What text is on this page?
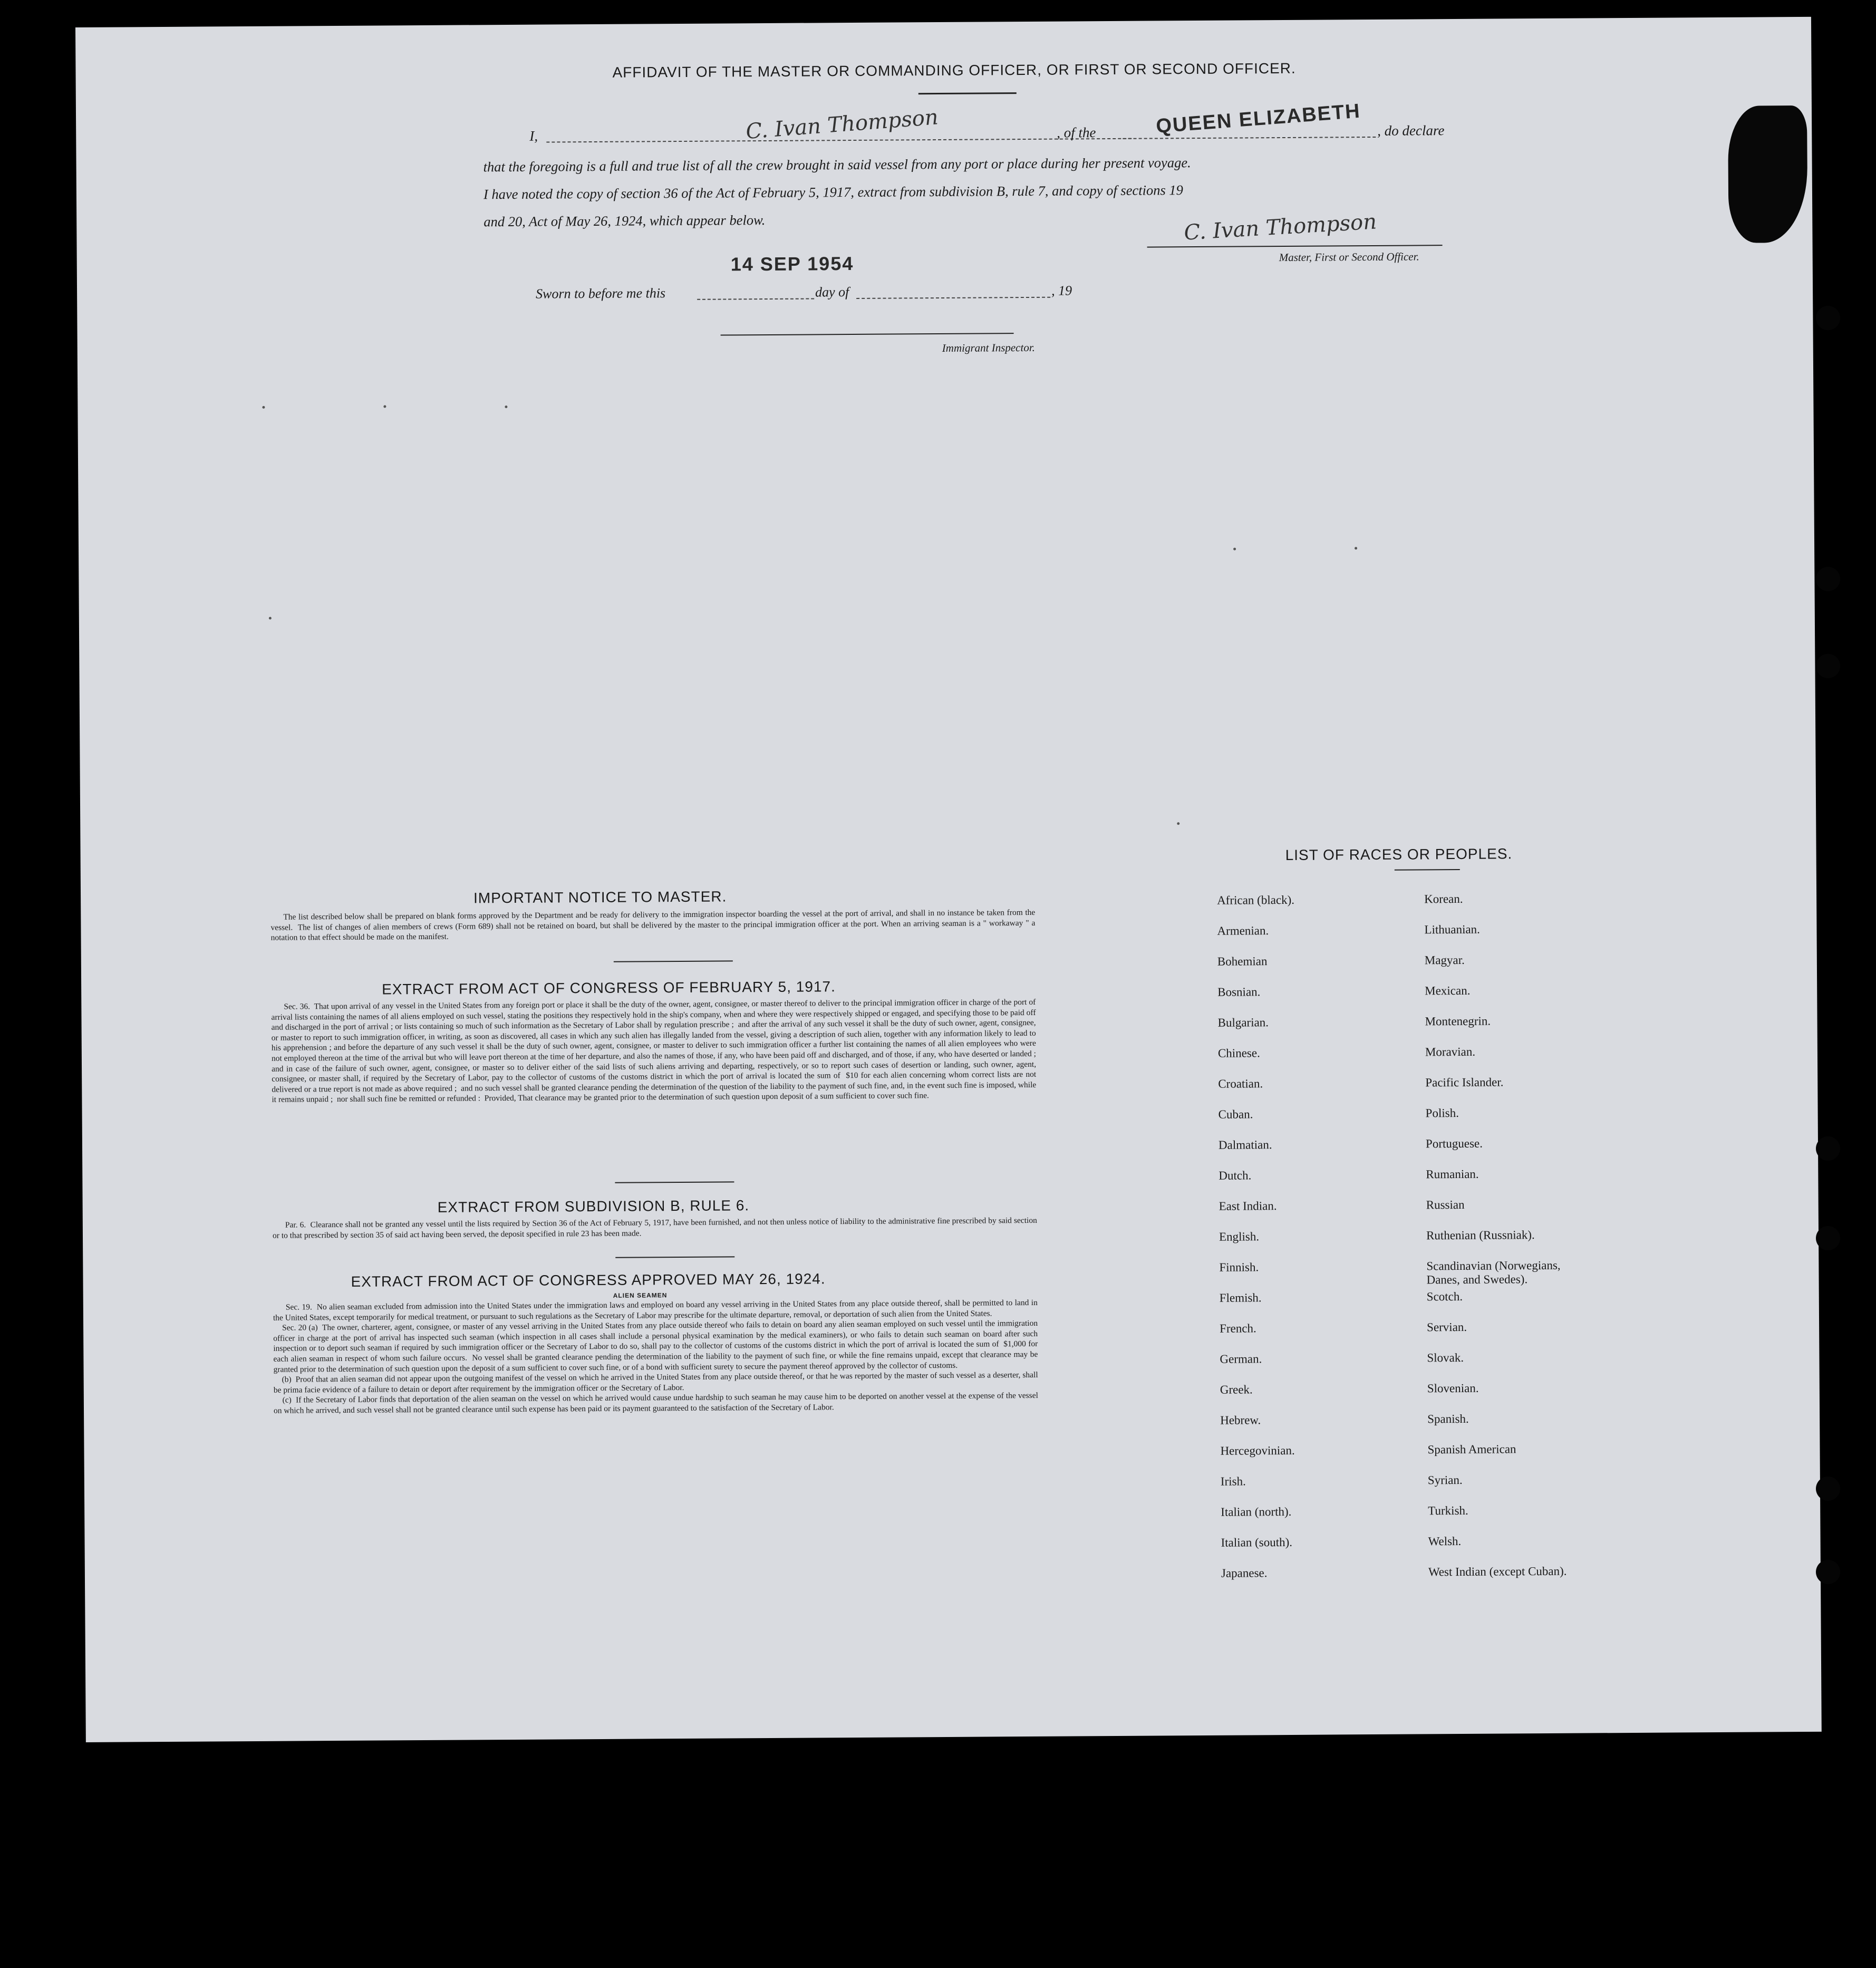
AFFIDAVIT OF THE MASTER OR COMMANDING OFFICER, OR FIRST OR SECOND OFFICER.
I,	C. Ivan Thompson	, of the	QUEEN ELIZABETH , do declare
that the foregoing is a full and true list of all the crew brought in said vessel from any port or place during her present voyage.
I have noted the copy of section 36 of the Act of February 5, 1917, extract from subdivision B, rule 7, and copy of sections 19
and 20, Act of May 26, 1924, which appear below.	C. Ivan Thompson
Master, First or Second Officer.
14 SEP 1954
Sworn to before me this	day of	, 19
Immigrant Inspector.
IMPORTANT NOTICE TO MASTER.
The list described below shall be prepared on blank forms approved by the Department and be ready for delivery to the immigration inspector boarding the vessel at the port of arrival, and shall in no instance be taken from the vessel.  The list of changes of alien members of crews (Form 689) shall not be retained on board, but shall be delivered by the master to the principal immigration officer at the port. When an arriving seaman is a " workaway " a notation to that effect should be made on the manifest.
EXTRACT FROM ACT OF CONGRESS OF FEBRUARY 5, 1917.
Sec. 36.  That upon arrival of any vessel in the United States from any foreign port or place it shall be the duty of the owner, agent, consignee, or master thereof to deliver to the principal immigration officer in charge of the port of arrival lists containing the names of all aliens employed on such vessel, stating the positions they respectively hold in the ship's company, when and where they were respectively shipped or engaged, and specifying those to be paid off and discharged in the port of arrival ; or lists containing so much of such information as the Secretary of Labor shall by regulation prescribe ;  and after the arrival of any such vessel it shall be the duty of such owner, agent, consignee, or master to report to such immigration officer, in writing, as soon as discovered, all cases in which any such alien has illegally landed from the vessel, giving a description of such alien, together with any information likely to lead to his apprehension ; and before the departure of any such vessel it shall be the duty of such owner, agent, consignee, or master to deliver to such immigration officer a further list containing the names of all alien employees who were not employed thereon at the time of the arrival but who will leave port thereon at the time of her departure, and also the names of those, if any, who have been paid off and discharged, and of those, if any, who have deserted or landed ;  and in case of the failure of such owner, agent, consignee, or master so to deliver either of the said lists of such aliens arriving and departing, respectively, or so to report such cases of desertion or landing, such owner, agent, consignee, or master shall, if required by the Secretary of Labor, pay to the collector of customs of the customs district in which the port of arrival is located the sum of  $10 for each alien concerning whom correct lists are not delivered or a true report is not made as above required ;  and no such vessel shall be granted clearance pending the determination of the question of the liability to the payment of such fine, and, in the event such fine is imposed, while it remains unpaid ;  nor shall such fine be remitted or refunded :  Provided, That clearance may be granted prior to the determination of such question upon deposit of a sum sufficient to cover such fine.
EXTRACT FROM SUBDIVISION B, RULE 6.
Par. 6.  Clearance shall not be granted any vessel until the lists required by Section 36 of the Act of February 5, 1917, have been furnished, and not then unless notice of liability to the administrative fine prescribed by said section or to that prescribed by section 35 of said act having been served, the deposit specified in rule 23 has been made.
EXTRACT FROM ACT OF CONGRESS APPROVED MAY 26, 1924.
ALIEN SEAMEN
Sec. 19.  No alien seaman excluded from admission into the United States under the immigration laws and employed on board any vessel arriving in the United States from any place outside thereof, shall be permitted to land in the United States, except temporarily for medical treatment, or pursuant to such regulations as the Secretary of Labor may prescribe for the ultimate departure, removal, or deportation of such alien from the United States.
Sec. 20 (a)  The owner, charterer, agent, consignee, or master of any vessel arriving in the United States from any place outside thereof who fails to detain on board any alien seaman employed on such vessel until the immigration officer in charge at the port of arrival has inspected such seaman (which inspection in all cases shall include a personal physical examination by the medical examiners), or who fails to detain such seaman on board after such inspection or to deport such seaman if required by such immigration officer or the Secretary of Labor to do so, shall pay to the collector of customs of the customs district in which the port of arrival is located the sum of  $1,000 for each alien seaman in respect of whom such failure occurs.  No vessel shall be granted clearance pending the determination of the liability to the payment of such fine, or while the fine remains unpaid, except that clearance may be granted prior to the determination of such question upon the deposit of a sum sufficient to cover such fine, or of a bond with sufficient surety to secure the payment thereof approved by the collector of customs.
(b)  Proof that an alien seaman did not appear upon the outgoing manifest of the vessel on which he arrived in the United States from any place outside thereof, or that he was reported by the master of such vessel as a deserter, shall be prima facie evidence of a failure to detain or deport after requirement by the immigration officer or the Secretary of Labor.
(c)  If the Secretary of Labor finds that deportation of the alien seaman on the vessel on which he arrived would cause undue hardship to such seaman he may cause him to be deported on another vessel at the expense of the vessel on which he arrived, and such vessel shall not be granted clearance until such expense has been paid or its payment guaranteed to the satisfaction of the Secretary of Labor.
LIST OF RACES OR PEOPLES.
African (black).
Armenian.
Bohemian
Bosnian.
Bulgarian.
Chinese.
Croatian.
Cuban.
Dalmatian.
Dutch.
East Indian.
English.
Finnish.
Flemish.
French.
German.
Greek.
Hebrew.
Hercegovinian.
Irish.
Italian (north).
Italian (south).
Japanese.
Korean.
Lithuanian.
Magyar.
Mexican.
Montenegrin.
Moravian.
Pacific Islander.
Polish.
Portuguese.
Rumanian.
Russian
Ruthenian (Russniak).
Scandinavian (Norwegians, Danes, and Swedes).
Scotch.
Servian.
Slovak.
Slovenian.
Spanish.
Spanish American
Syrian.
Turkish.
Welsh.
West Indian (except Cuban).
